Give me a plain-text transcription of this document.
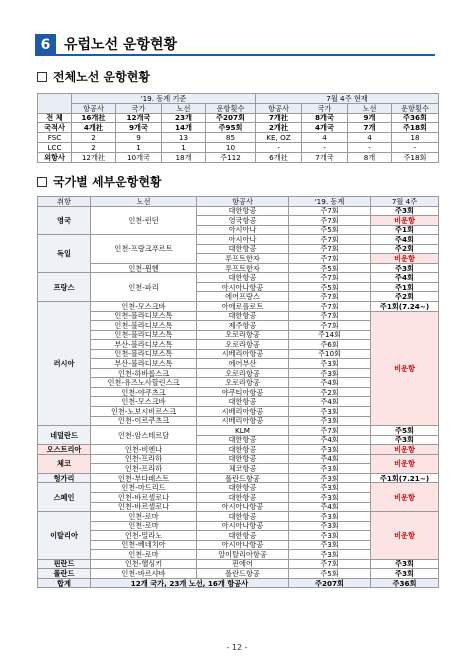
6 유럽노선 운항현황
전체노선 운항현황
	'19. 동계 기준				7월 4주 현재			
	항공사	국가	노선	운항횟수	항공사	국가	노선	운항횟수
전 체	16개社	12개국	23개	주207회	7개社	8개국	9개	주36회
국적사	4개社	9개국	14개	주95회	2개社	4개국	7개	주18회
FSC	2	9	13	85	KE, OZ	4	4	18
LCC	2	1	1	10	-	-	-	-
외항사	12개社	10개국	18개	주112	6개社	7개국	8개	주18회
국가별 세부운항현황
취항	노선	항공사	'19. 동계	7월 4주
영국	인천-런던	대한항공	주7회	주3회
		영국항공	주7회	비운항
		아시아나	주5회	주1회
독일	인천-프랑크푸르트	아시아나	주7회	주4회
		대한항공	주7회	주2회
		루프트한자	주7회	비운항
	인천-뮌헨	루프트한자	주5회	주3회
프랑스	인천-파리	대한항공	주7회	주4회
		아시아나항공	주5회	주1회
		에어프랑스	주7회	주2회
러시아	인천-모스크바	아에로플로트	주7회	주1회(7.24~)
	인천-블라디보스톡	대한항공	주7회	비운항
	인천-블라디보스톡	제주항공	주7회	
	인천-블라디보스톡	오로라항공	주14회	
	부산-블라디보스톡	오로라항공	주6회	
	인천-블라디보스톡	시베리아항공	주10회	
	부산-블라디보스톡	에어부산	주3회	
	인천-하바롭스크	오로라항공	주3회	
	인천-유즈노사할린스크	오로라항공	주4회	
	인천-야쿠츠크	야쿠티아항공	주2회	
	인천-모스크바	대한항공	주4회	
	인천-노보시비르스크	시베리아항공	주3회	
	인천-이르쿠츠크	시베리아항공	주3회	
네덜란드	인천-암스테르담	KLM	주7회	주5회
		대한항공	주4회	주3회
오스트리아	인천-비엔나	대한항공	주3회	비운항
체코	인천-프라하	대한항공	주4회	비운항
	인천-프라하	체코항공	주3회	
헝가리	인천-부다페스트	폴란드항공	주3회	주1회(7.21~)
스페인	인천-마드리드	대한항공	주3회	비운항
	인천-바르셀로나	대한항공	주3회	
	인천-바르셀로나	아시아나항공	주4회	
이탈리아	인천-로마	대한항공	주3회	비운항
	인천-로마	아시아나항공	주3회	
	인천-밀라노	대한항공	주3회	
	인천-베네치아	아시아나항공	주3회	
	인천-로마	알이탈리아항공	주3회	
핀란드	인천-헬싱키	핀에어	주7회	주3회
폴란드	인천-바르샤바	폴란드항공	주5회	주3회
합계	12개 국가, 23개 노선, 16개 항공사		주207회	주36회
- 12 -
